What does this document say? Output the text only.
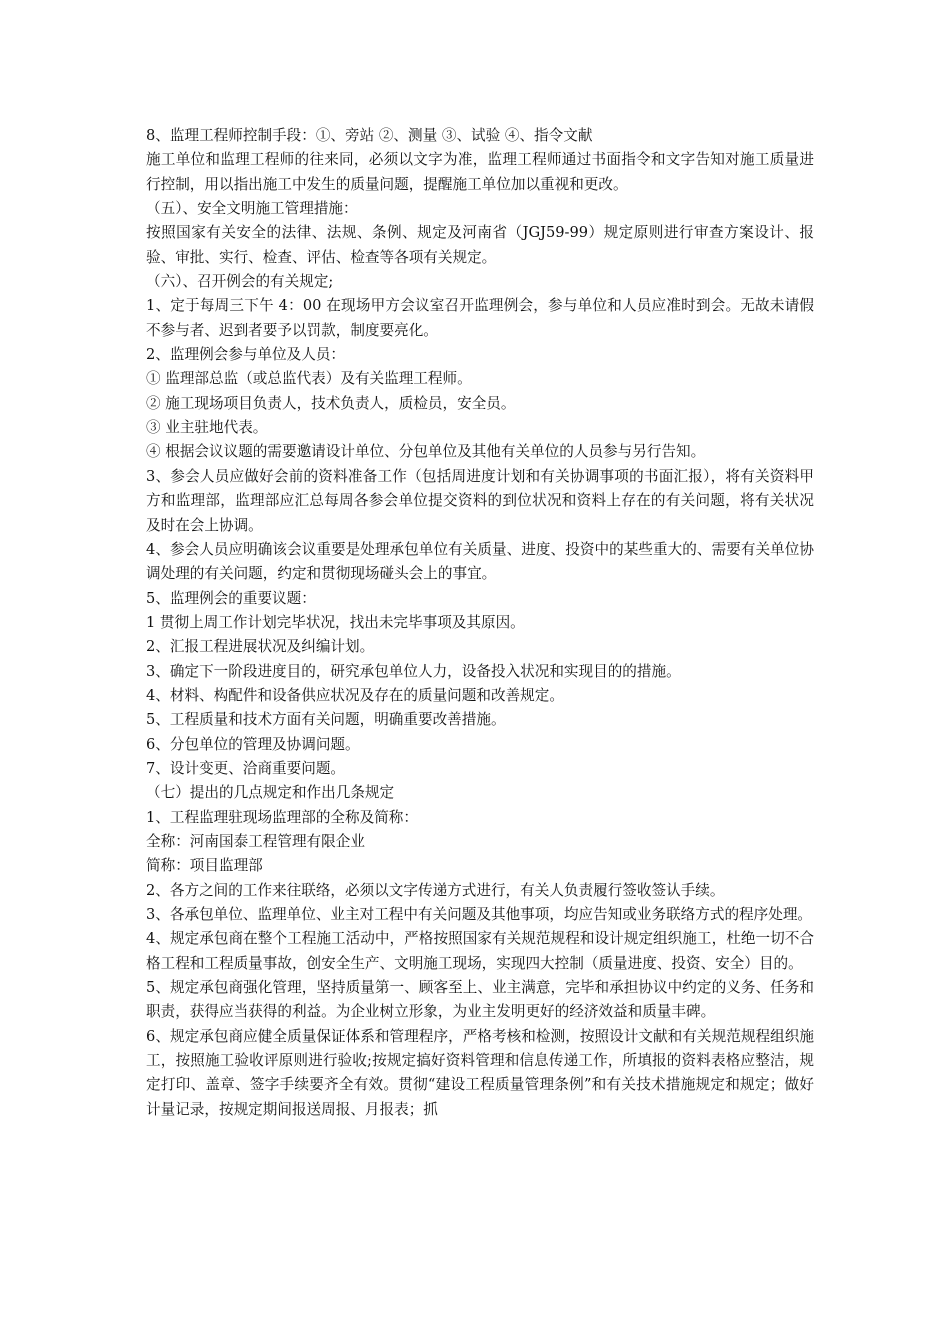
8、监理工程师控制手段：①、旁站 ②、测量 ③、试验 ④、指令文献

施工单位和监理工程师的往来同，必须以文字为准，监理工程师通过书面指令和文字告知对施工质量进行控制，用以指出施工中发生的质量问题，提醒施工单位加以重视和更改。

（五）、安全文明施工管理措施：

按照国家有关安全的法律、法规、条例、规定及河南省（JGJ59-99）规定原则进行审查方案设计、报验、审批、实行、检查、评估、检查等各项有关规定。

（六）、召开例会的有关规定;

1、定于每周三下午 4：00 在现场甲方会议室召开监理例会，参与单位和人员应准时到会。无故未请假不参与者、迟到者要予以罚款，制度要亮化。

2、监理例会参与单位及人员：

① 监理部总监（或总监代表）及有关监理工程师。

② 施工现场项目负责人，技术负责人，质检员，安全员。

③ 业主驻地代表。

④ 根据会议议题的需要邀请设计单位、分包单位及其他有关单位的人员参与另行告知。

3、参会人员应做好会前的资料准备工作（包括周进度计划和有关协调事项的书面汇报），将有关资料甲方和监理部，监理部应汇总每周各参会单位提交资料的到位状况和资料上存在的有关问题，将有关状况及时在会上协调。

4、参会人员应明确该会议重要是处理承包单位有关质量、进度、投资中的某些重大的、需要有关单位协调处理的有关问题，约定和贯彻现场碰头会上的事宜。

5、监理例会的重要议题：

1 贯彻上周工作计划完毕状况，找出未完毕事项及其原因。

2、汇报工程进展状况及纠编计划。

3、确定下一阶段进度目的，研究承包单位人力，设备投入状况和实现目的的措施。

4、材料、构配件和设备供应状况及存在的质量问题和改善规定。

5、工程质量和技术方面有关问题，明确重要改善措施。

6、分包单位的管理及协调问题。

7、设计变更、洽商重要问题。

（七）提出的几点规定和作出几条规定

1、工程监理驻现场监理部的全称及简称：

全称：河南国泰工程管理有限企业

简称：项目监理部

2、各方之间的工作来往联络，必须以文字传递方式进行，有关人负责履行签收签认手续。

3、各承包单位、监理单位、业主对工程中有关问题及其他事项，均应告知或业务联络方式的程序处理。

4、规定承包商在整个工程施工活动中，严格按照国家有关规范规程和设计规定组织施工，杜绝一切不合格工程和工程质量事故，创安全生产、文明施工现场，实现四大控制（质量进度、投资、安全）目的。

5、规定承包商强化管理，坚持质量第一、顾客至上、业主满意，完毕和承担协议中约定的义务、任务和职责，获得应当获得的利益。为企业树立形象，为业主发明更好的经济效益和质量丰碑。

6、规定承包商应健全质量保证体系和管理程序，严格考核和检测，按照设计文献和有关规范规程组织施工，按照施工验收评原则进行验收;按规定搞好资料管理和信息传递工作，所填报的资料表格应整洁，规定打印、盖章、签字手续要齐全有效。贯彻“建设工程质量管理条例”和有关技术措施规定和规定；做好计量记录，按规定期间报送周报、月报表；抓
